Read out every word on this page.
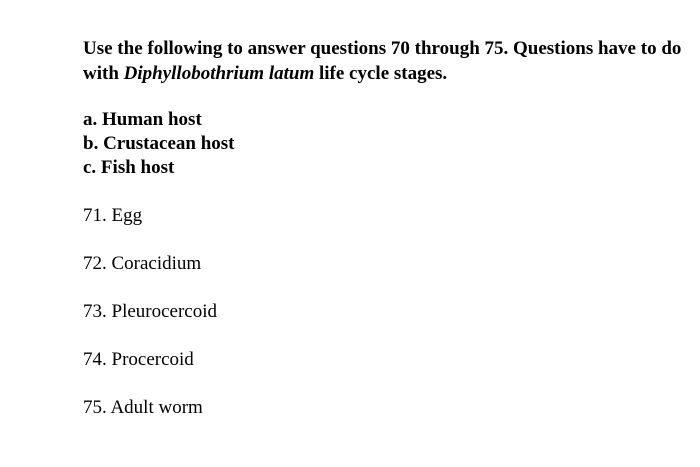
Use the following to answer questions 70 through 75. Questions have to do with Diphyllobothrium latum life cycle stages.

a. Human host
b. Crustacean host
c. Fish host
71. Egg
72. Coracidium
73. Pleurocercoid
74. Procercoid
75. Adult worm
